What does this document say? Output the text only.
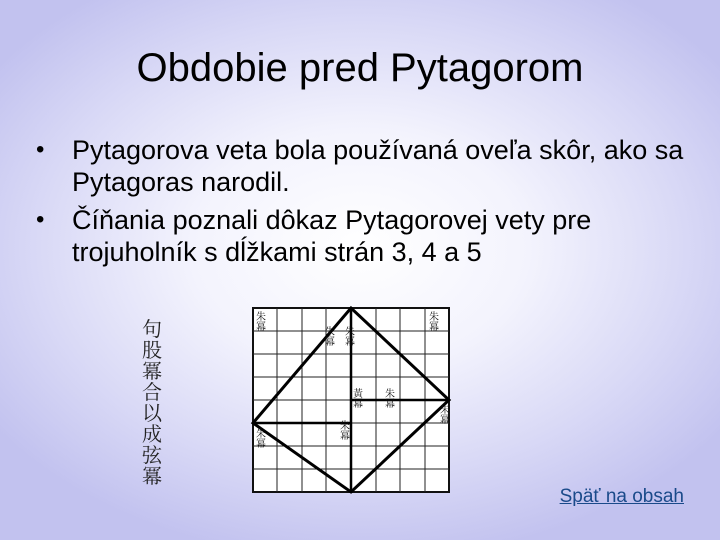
Obdobie pred Pytagorom
• Pytagorova veta bola používaná oveľa skôr, ako sa Pytagoras narodil.
• Číňania poznali dôkaz Pytagorovej vety pre trojuholník s dĺžkami strán 3, 4 a 5
句股冪合以成弦冪
朱冪
朱冪
朱冪
朱冪
黃冪
朱冪
朱冪
朱冪
朱冪
Späť na obsah
